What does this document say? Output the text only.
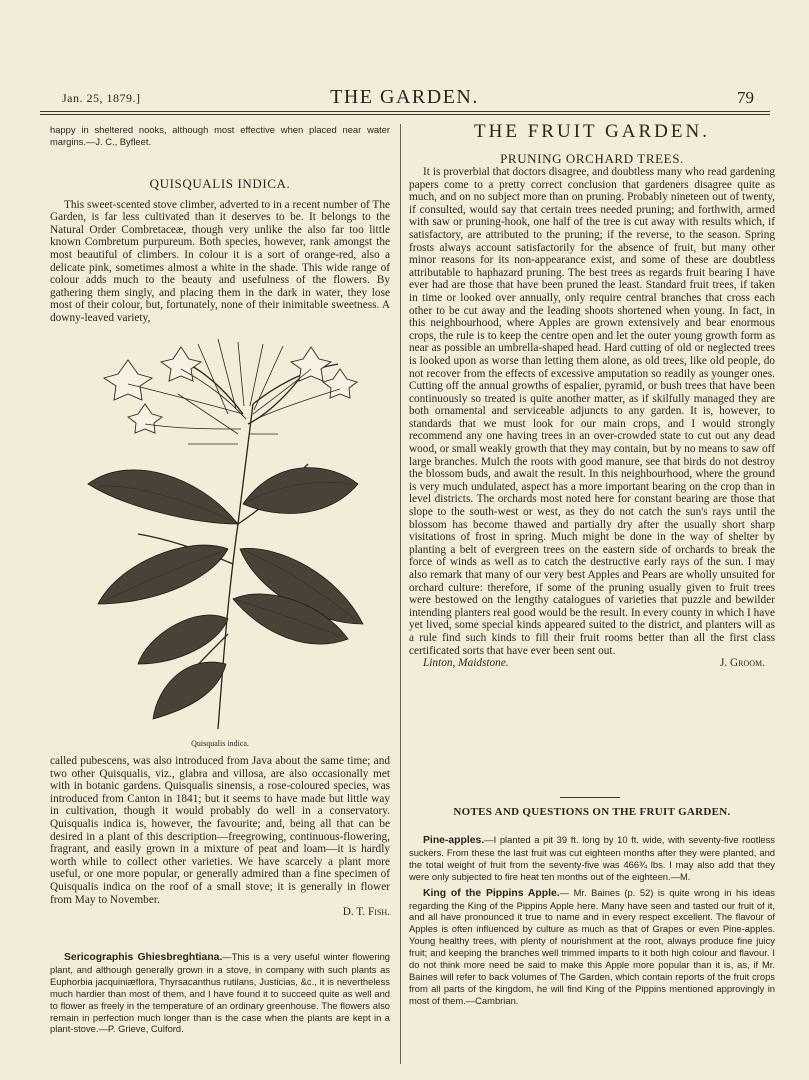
Jan. 25, 1879.]	THE GARDEN.	79

happy in sheltered nooks, although most effective when placed near water margins.—J. C., Byfleet.

QUISQUALIS INDICA.

This sweet-scented stove climber, adverted to in a recent number of The Garden, is far less cultivated than it deserves to be. It belongs to the Natural Order Combretaceæ, though very unlike the also far too little known Combretum purpureum. Both species, however, rank amongst the most beautiful of climbers. In colour it is a sort of orange-red, also a delicate pink, sometimes almost a white in the shade. This wide range of colour adds much to the beauty and usefulness of the flowers. By gathering them singly, and placing them in the dark in water, they lose most of their colour, but, fortunately, none of their inimitable sweetness. A downy-leaved variety,

Quisqualis indica.

called pubescens, was also introduced from Java about the same time; and two other Quisqualis, viz., glabra and villosa, are also occasionally met with in botanic gardens. Quisqualis sinensis, a rose-coloured species, was introduced from Canton in 1841; but it seems to have made but little way in cultivation, though it would probably do well in a conservatory. Quisqualis indica is, however, the favourite; and, being all that can be desired in a plant of this description—freegrowing, continuous-flowering, fragrant, and easily grown in a mixture of peat and loam—it is hardly worth while to collect other varieties. We have scarcely a plant more useful, or one more popular, or generally admired than a fine specimen of Quisqualis indica on the roof of a small stove; it is generally in flower from May to November.

D. T. Fish.

Sericographis Ghiesbreghtiana.—This is a very useful winter flowering plant, and although generally grown in a stove, in company with such plants as Euphorbia jacquiniæflora, Thyrsacanthus rutilans, Justicias, &c., it is nevertheless much hardier than most of them, and I have found it to succeed quite as well and to flower as freely in the temperature of an ordinary greenhouse. The flowers also remain in perfection much longer than is the case when the plants are kept in a plant-stove.—P. Grieve, Culford.

THE FRUIT GARDEN.
PRUNING ORCHARD TREES.

It is proverbial that doctors disagree, and doubtless many who read gardening papers come to a pretty correct conclusion that gardeners disagree quite as much, and on no subject more than on pruning. Probably nineteen out of twenty, if consulted, would say that certain trees needed pruning; and forthwith, armed with saw or pruning-hook, one half of the tree is cut away with results which, if satisfactory, are attributed to the pruning; if the reverse, to the season. Spring frosts always account satisfactorily for the absence of fruit, but many other minor reasons for its non-appearance exist, and some of these are doubtless attributable to haphazard pruning. The best trees as regards fruit bearing I have ever had are those that have been pruned the least. Standard fruit trees, if taken in time or looked over annually, only require central branches that cross each other to be cut away and the leading shoots shortened when young. In fact, in this neighbourhood, where Apples are grown extensively and bear enormous crops, the rule is to keep the centre open and let the outer young growth form as near as possible an umbrella-shaped head. Hard cutting of old or neglected trees is looked upon as worse than letting them alone, as old trees, like old people, do not recover from the effects of excessive amputation so readily as younger ones. Cutting off the annual growths of espalier, pyramid, or bush trees that have been continuously so treated is quite another matter, as if skilfully managed they are both ornamental and serviceable adjuncts to any garden. It is, however, to standards that we must look for our main crops, and I would strongly recommend any one having trees in an over-crowded state to cut out any dead wood, or small weakly growth that they may contain, but by no means to saw off large branches. Mulch the roots with good manure, see that birds do not destroy the blossom buds, and await the result. In this neighbourhood, where the ground is very much undulated, aspect has a more important bearing on the crop than in level districts. The orchards most noted here for constant bearing are those that slope to the south-west or west, as they do not catch the sun's rays until the blossom has become thawed and partially dry after the usually short sharp visitations of frost in spring. Much might be done in the way of shelter by planting a belt of evergreen trees on the eastern side of orchards to break the force of winds as well as to catch the destructive early rays of the sun. I may also remark that many of our very best Apples and Pears are wholly unsuited for orchard culture: therefore, if some of the pruning usually given to fruit trees were bestowed on the lengthy catalogues of varieties that puzzle and bewilder intending planters real good would be the result. In every county in which I have yet lived, some special kinds appeared suited to the district, and planters will as a rule find such kinds to fill their fruit rooms better than all the first class certificated sorts that have ever been sent out.

Linton, Maidstone.	J. Groom.

NOTES AND QUESTIONS ON THE FRUIT GARDEN.

Pine-apples.—I planted a pit 39 ft. long by 10 ft. wide, with seventy-five rootless suckers. From these the last fruit was cut eighteen months after they were planted, and the total weight of fruit from the seventy-five was 466¾ lbs. I may also add that they were only subjected to fire heat ten months out of the eighteen.—M.

King of the Pippins Apple.— Mr. Baines (p. 52) is quite wrong in his ideas regarding the King of the Pippins Apple here. Many have seen and tasted our fruit of it, and all have pronounced it true to name and in every respect excellent. The flavour of Apples is often influenced by culture as much as that of Grapes or even Pine-apples. Young healthy trees, with plenty of nourishment at the root, always produce fine juicy fruit; and keeping the branches well trimmed imparts to it both high colour and flavour. I do not think more need be said to make this Apple more popular than it is, as, if Mr. Baines will refer to back volumes of The Garden, which contain reports of the fruit crops from all parts of the kingdom, he will find King of the Pippins mentioned approvingly in most of them.—Cambrian.
